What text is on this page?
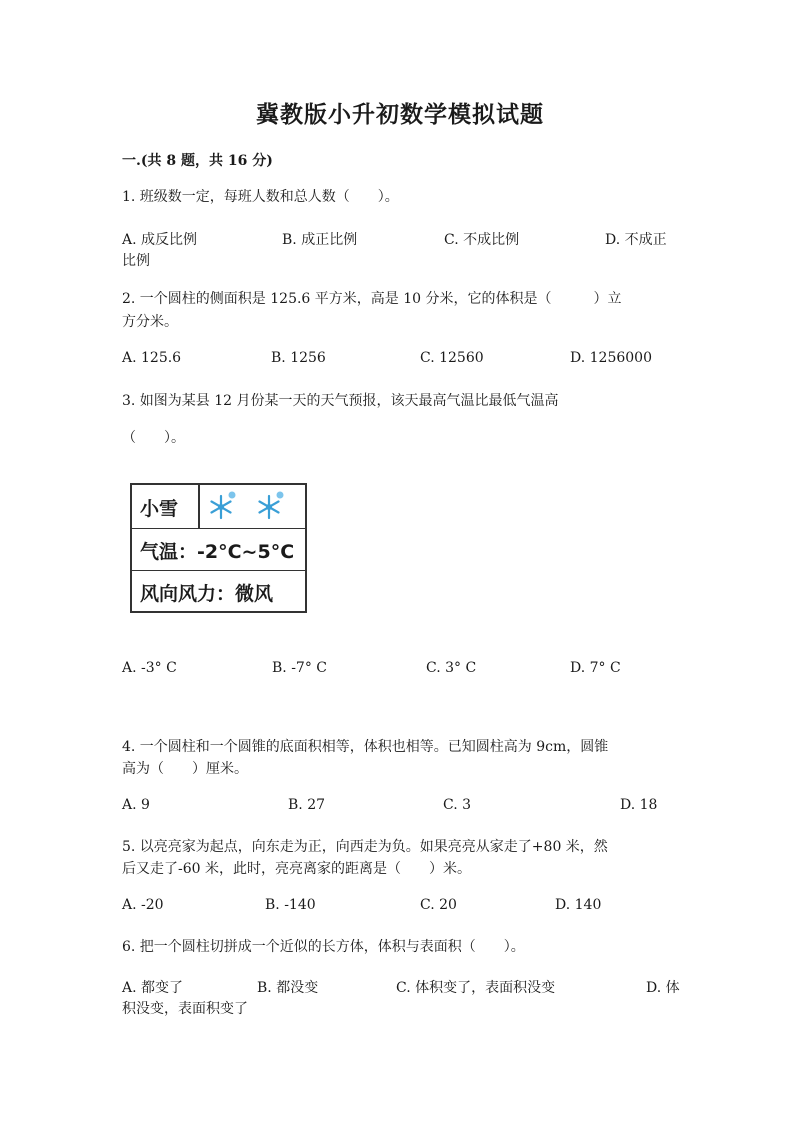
冀教版小升初数学模拟试题
一.(共 8 题，共 16 分)
1. 班级数一定，每班人数和总人数（　　）。
A. 成反比例	B. 成正比例	C. 不成比例	D. 不成正
比例
2. 一个圆柱的侧面积是 125.6 平方米，高是 10 分米，它的体积是（　　　）立
方分米。
A. 125.6	B. 1256	C. 12560	D. 1256000
3. 如图为某县 12 月份某一天的天气预报，该天最高气温比最低气温高
（　　）。
小雪
气温：-2°C~5°C
风向风力：微风
A. -3° C	B. -7° C	C. 3° C	D. 7° C
4. 一个圆柱和一个圆锥的底面积相等，体积也相等。已知圆柱高为 9cm，圆锥
高为（　　）厘米。
A. 9	B. 27	C. 3	D. 18
5. 以亮亮家为起点，向东走为正，向西走为负。如果亮亮从家走了+80 米，然
后又走了-60 米，此时，亮亮离家的距离是（　　）米。
A. -20	B. -140	C. 20	D. 140
6. 把一个圆柱切拼成一个近似的长方体，体积与表面积（　　）。
A. 都变了	B. 都没变	C. 体积变了，表面积没变	D. 体
积没变，表面积变了
